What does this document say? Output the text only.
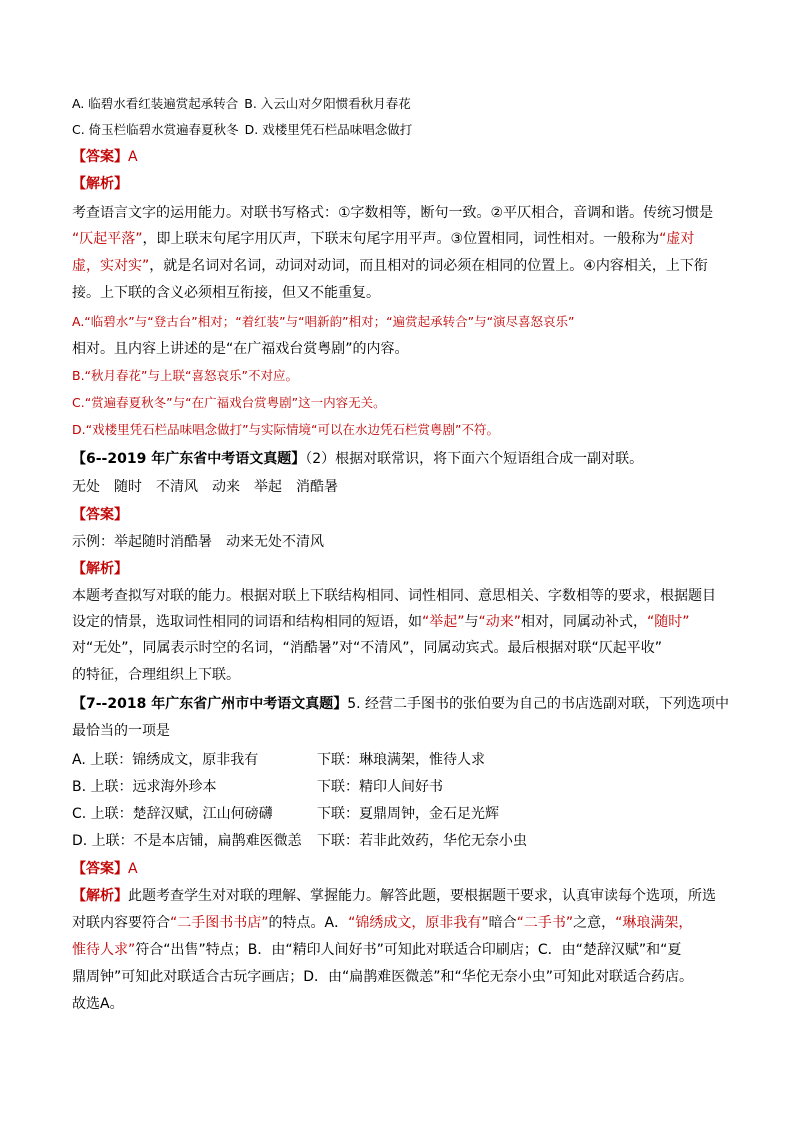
A. 临碧水看红装遍赏起承转合 B. 入云山对夕阳惯看秋月春花
C. 倚玉栏临碧水赏遍春夏秋冬 D. 戏楼里凭石栏品味唱念做打
【答案】A
【解析】
考查语言文字的运用能力。对联书写格式：①字数相等，断句一致。②平仄相合，音调和谐。传统习惯是
“仄起平落”，即上联末句尾字用仄声，下联末句尾字用平声。③位置相同，词性相对。一般称为“虚对
虚，实对实”，就是名词对名词，动词对动词，而且相对的词必须在相同的位置上。④内容相关，上下衔
接。上下联的含义必须相互衔接，但又不能重复。
A.“临碧水”与“登古台”相对；“着红装”与“唱新韵”相对；“遍赏起承转合”与“演尽喜怒哀乐”
相对。且内容上讲述的是“在广福戏台赏粤剧”的内容。
B.“秋月春花”与上联“喜怒哀乐”不对应。
C.“赏遍春夏秋冬”与“在广福戏台赏粤剧”这一内容无关。
D.“戏楼里凭石栏品味唱念做打”与实际情境“可以在水边凭石栏赏粤剧”不符。
【6--2019 年广东省中考语文真题】（2）根据对联常识，将下面六个短语组合成一副对联。
无处　随时　不清风　动来　举起　消酷暑
【答案】
示例：举起随时消酷暑　动来无处不清风
【解析】
本题考查拟写对联的能力。根据对联上下联结构相同、词性相同、意思相关、字数相等的要求，根据题目
设定的情景，选取词性相同的词语和结构相同的短语，如“举起”与“动来”相对，同属动补式，“随时”
对“无处”，同属表示时空的名词，“消酷暑”对“不清风”，同属动宾式。最后根据对联“仄起平收”
的特征，合理组织上下联。
【7--2018 年广东省广州市中考语文真题】5. 经营二手图书的张伯要为自己的书店选副对联，下列选项中
最恰当的一项是
A. 上联：锦绣成文，原非我有	下联：琳琅满架，惟待人求
B. 上联：远求海外珍本	下联：精印人间好书
C. 上联：楚辞汉赋，江山何磅礴	下联：夏鼎周钟，金石足光辉
D. 上联：不是本店铺，扁鹊难医微恙 下联：若非此效药，华佗无奈小虫
【答案】A
【解析】此题考查学生对对联的理解、掌握能力。解答此题，要根据题干要求，认真审读每个选项，所选
对联内容要符合“二手图书书店”的特点。A．“锦绣成文，原非我有”暗合“二手书”之意，“琳琅满架，
惟待人求”符合“出售”特点；B．由“精印人间好书”可知此对联适合印刷店；C．由“楚辞汉赋”和“夏
鼎周钟”可知此对联适合古玩字画店；D．由“扁鹊难医微恙”和“华佗无奈小虫”可知此对联适合药店。
故选A。
